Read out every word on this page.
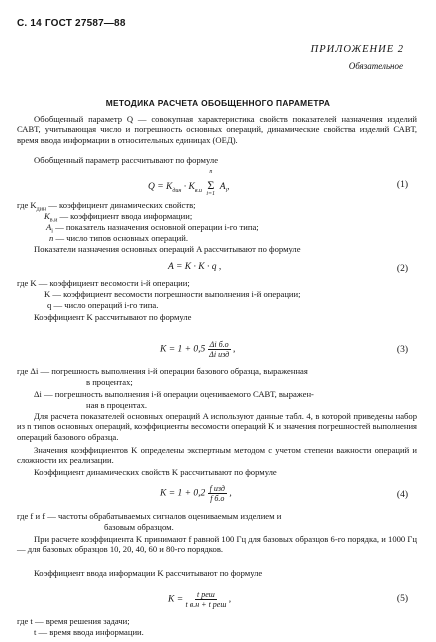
С. 14 ГОСТ 27587—88
ПРИЛОЖЕНИЕ 2
Обязательное
МЕТОДИКА РАСЧЕТА ОБОБЩЕННОГО ПАРАМЕТРА
Обобщенный параметр Q — совокупная характеристика свойств показателей назначения изделий САВТ, учитывающая число и погрешность основных операций, динамические свойства изделий САВТ, время ввода информации в относительных единицах (ОЕД).
Обобщенный параметр рассчитывают по формуле
$Q = K_{дин} \cdot K_{в.и}$
n
Σ
i=1
$A_i$,	(1)
где $K_{дин}$ — коэффициент динамических свойств;
$K_{в.и}$ — коэффициент ввода информации;
$A_i$ — показатель назначения основной операции i-го типа;
n — число типов основных операций.
Показатели назначения основных операций A рассчитывают по формуле
A = K · K · q ,	(2)
где K — коэффициент весомости i-й операции;
K — коэффициент весомости погрешности выполнения i-й операции;
q — число операций i-го типа.
Коэффициент K рассчитывают по формуле
$K = 1 + 0,5 \frac{\text{Δi б.о}}{\text{Δi изд}}$ ,	(3)
где Δi — погрешность выполнения i-й операции базового образца, выраженная
в процентах;
Δi — погрешность выполнения i-й операции оцениваемого САВТ, выражен-
ная в процентах.
Для расчета показателей основных операций A используют данные табл. 4, в которой приведены набор из n типов основных операций, коэффициенты весомости операций K и значения погрешностей выполнения операций базового образца.
Значения коэффициентов K определены экспертным методом с учетом степени важности операций и сложности их реализации.
Коэффициент динамических свойств K рассчитывают по формуле
$K = 1 + 0,2 \frac{\text{f изд}}{\text{f б.о}}$ ,	(4)
где f и f — частоты обрабатываемых сигналов оцениваемым изделием и
базовым образцом.
При расчете коэффициента K принимают f равной 100 Гц для базовых образцов 6-го порядка, и 1000 Гц — для базовых образцов 10, 20, 40, 60 и 80-го порядков.
Коэффициент ввода информации K рассчитывают по формуле
$K = \frac{\text{t реш}}{\text{t в.н + t реш}}$ ,	(5)
где t — время решения задачи;
t — время ввода информации.
